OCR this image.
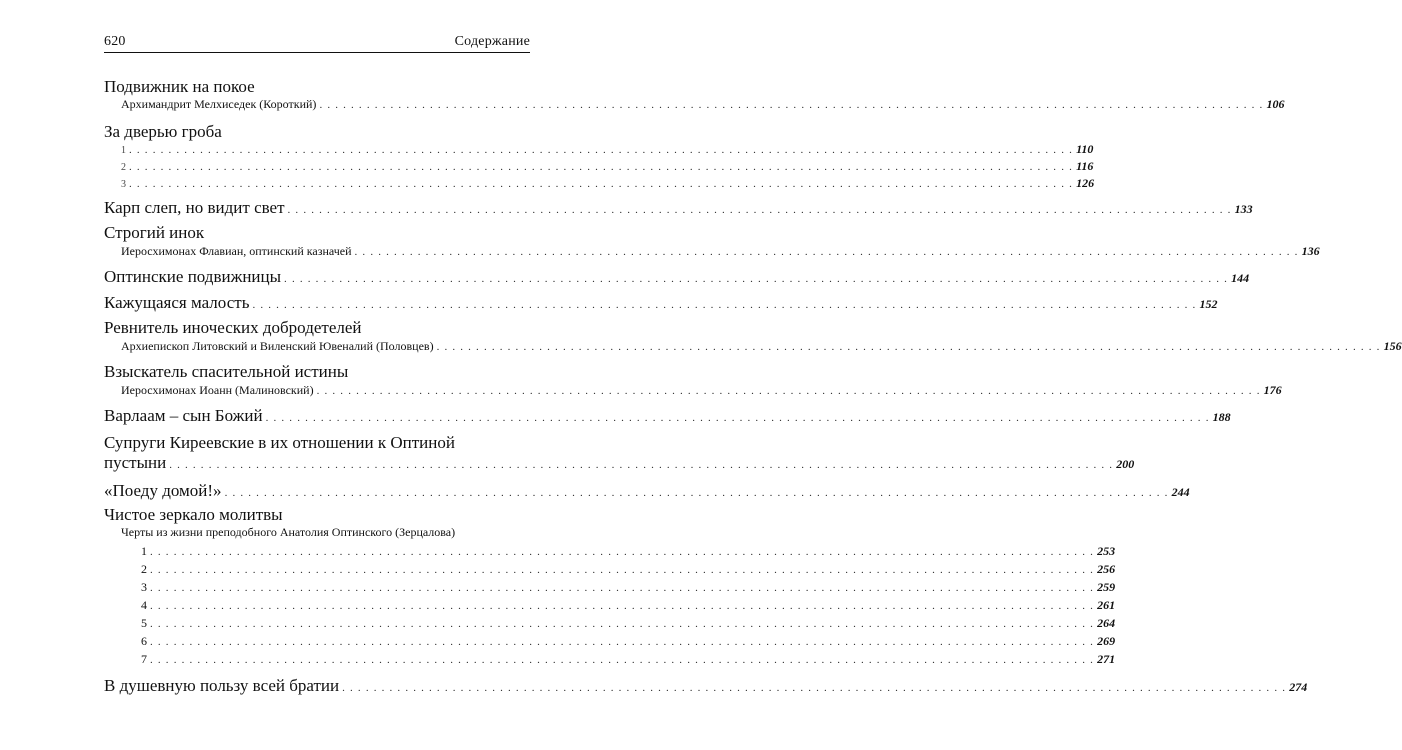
620	Содержание
Подвижник на покое
Архимандрит Мелхиседек (Короткий) . . . . . . . . . . . . . . . . . . . . . . . . . . . . . . . . . . . . . . . . . . . . . . . . . . . . . . . . . . . . . . . . . . . . . . . . . . . . . . . . . . . . . . . . . . . . . . . . . . . . . . . . . . . . . . . . . . . . . . . . 106
За дверью гроба
1 . . . . . . . . . . . . . . . . . . . . . . . . . . . . . . . . . . . . . . . . . . . . . . . . . . . . . . . . . . . . . . . . . . . . . . . . . . . . . . . . . . . . . . . . . . . . . . . . . . . . . . . . . . . . . . . . . . . . . . . . 110
2 . . . . . . . . . . . . . . . . . . . . . . . . . . . . . . . . . . . . . . . . . . . . . . . . . . . . . . . . . . . . . . . . . . . . . . . . . . . . . . . . . . . . . . . . . . . . . . . . . . . . . . . . . . . . . . . . . . . . . . . . 116
3 . . . . . . . . . . . . . . . . . . . . . . . . . . . . . . . . . . . . . . . . . . . . . . . . . . . . . . . . . . . . . . . . . . . . . . . . . . . . . . . . . . . . . . . . . . . . . . . . . . . . . . . . . . . . . . . . . . . . . . . . 126
Карп слеп, но видит свет . . . . . . . . . . . . . . . . . . . . . . . . . . . . . . . . . . . . . . . . . . . . . . . . . . . . . . . . . . . . . . . . . . . . . . . . . . . . . . . . . . . . . . . . . . . . . . . . . . . . . . . . . . . . . . . . . . . . . . . . 133
Строгий инок
Иеросхимонах Флавиан, оптинский казначей . . . . . . . . . . . . . . . . . . . . . . . . . . . . . . . . . . . . . . . . . . . . . . . . . . . . . . . . . . . . . . . . . . . . . . . . . . . . . . . . . . . . . . . . . . . . . . . . . . . . . . . . . . . . . . . . . . . . . . . . 136
Оптинские подвижницы . . . . . . . . . . . . . . . . . . . . . . . . . . . . . . . . . . . . . . . . . . . . . . . . . . . . . . . . . . . . . . . . . . . . . . . . . . . . . . . . . . . . . . . . . . . . . . . . . . . . . . . . . . . . . . . . . . . . . . . . 144
Кажущаяся малость . . . . . . . . . . . . . . . . . . . . . . . . . . . . . . . . . . . . . . . . . . . . . . . . . . . . . . . . . . . . . . . . . . . . . . . . . . . . . . . . . . . . . . . . . . . . . . . . . . . . . . . . . . . . . . . . . . . . . . . . 152
Ревнитель иноческих добродетелей
Архиепископ Литовский и Виленский Ювеналий (Половцев) . . . . . . . . . . . . . . . . . . . . . . . . . . . . . . . . . . . . . . . . . . . . . . . . . . . . . . . . . . . . . . . . . . . . . . . . . . . . . . . . . . . . . . . . . . . . . . . . . . . . . . . . . . . . . . . . . . . . . . . . 156
Взыскатель спасительной истины
Иеросхимонах Иоанн (Малиновский) . . . . . . . . . . . . . . . . . . . . . . . . . . . . . . . . . . . . . . . . . . . . . . . . . . . . . . . . . . . . . . . . . . . . . . . . . . . . . . . . . . . . . . . . . . . . . . . . . . . . . . . . . . . . . . . . . . . . . . . . 176
Варлаам – сын Божий . . . . . . . . . . . . . . . . . . . . . . . . . . . . . . . . . . . . . . . . . . . . . . . . . . . . . . . . . . . . . . . . . . . . . . . . . . . . . . . . . . . . . . . . . . . . . . . . . . . . . . . . . . . . . . . . . . . . . . . . 188
Супруги Киреевские в их отношении к Оптиной
пустыни . . . . . . . . . . . . . . . . . . . . . . . . . . . . . . . . . . . . . . . . . . . . . . . . . . . . . . . . . . . . . . . . . . . . . . . . . . . . . . . . . . . . . . . . . . . . . . . . . . . . . . . . . . . . . . . . . . . . . . . . 200
«Поеду домой!» . . . . . . . . . . . . . . . . . . . . . . . . . . . . . . . . . . . . . . . . . . . . . . . . . . . . . . . . . . . . . . . . . . . . . . . . . . . . . . . . . . . . . . . . . . . . . . . . . . . . . . . . . . . . . . . . . . . . . . . . 244
Чистое зеркало молитвы
Черты из жизни преподобного Анатолия Оптинского (Зерцалова)
1 . . . . . . . . . . . . . . . . . . . . . . . . . . . . . . . . . . . . . . . . . . . . . . . . . . . . . . . . . . . . . . . . . . . . . . . . . . . . . . . . . . . . . . . . . . . . . . . . . . . . . . . . . . . . . . . . . . . . . . . . 253
2 . . . . . . . . . . . . . . . . . . . . . . . . . . . . . . . . . . . . . . . . . . . . . . . . . . . . . . . . . . . . . . . . . . . . . . . . . . . . . . . . . . . . . . . . . . . . . . . . . . . . . . . . . . . . . . . . . . . . . . . . 256
3 . . . . . . . . . . . . . . . . . . . . . . . . . . . . . . . . . . . . . . . . . . . . . . . . . . . . . . . . . . . . . . . . . . . . . . . . . . . . . . . . . . . . . . . . . . . . . . . . . . . . . . . . . . . . . . . . . . . . . . . . 259
4 . . . . . . . . . . . . . . . . . . . . . . . . . . . . . . . . . . . . . . . . . . . . . . . . . . . . . . . . . . . . . . . . . . . . . . . . . . . . . . . . . . . . . . . . . . . . . . . . . . . . . . . . . . . . . . . . . . . . . . . . 261
5 . . . . . . . . . . . . . . . . . . . . . . . . . . . . . . . . . . . . . . . . . . . . . . . . . . . . . . . . . . . . . . . . . . . . . . . . . . . . . . . . . . . . . . . . . . . . . . . . . . . . . . . . . . . . . . . . . . . . . . . . 264
6 . . . . . . . . . . . . . . . . . . . . . . . . . . . . . . . . . . . . . . . . . . . . . . . . . . . . . . . . . . . . . . . . . . . . . . . . . . . . . . . . . . . . . . . . . . . . . . . . . . . . . . . . . . . . . . . . . . . . . . . . 269
7 . . . . . . . . . . . . . . . . . . . . . . . . . . . . . . . . . . . . . . . . . . . . . . . . . . . . . . . . . . . . . . . . . . . . . . . . . . . . . . . . . . . . . . . . . . . . . . . . . . . . . . . . . . . . . . . . . . . . . . . . 271
В душевную пользу всей братии . . . . . . . . . . . . . . . . . . . . . . . . . . . . . . . . . . . . . . . . . . . . . . . . . . . . . . . . . . . . . . . . . . . . . . . . . . . . . . . . . . . . . . . . . . . . . . . . . . . . . . . . . . . . . . . . . . . . . . . . 274
